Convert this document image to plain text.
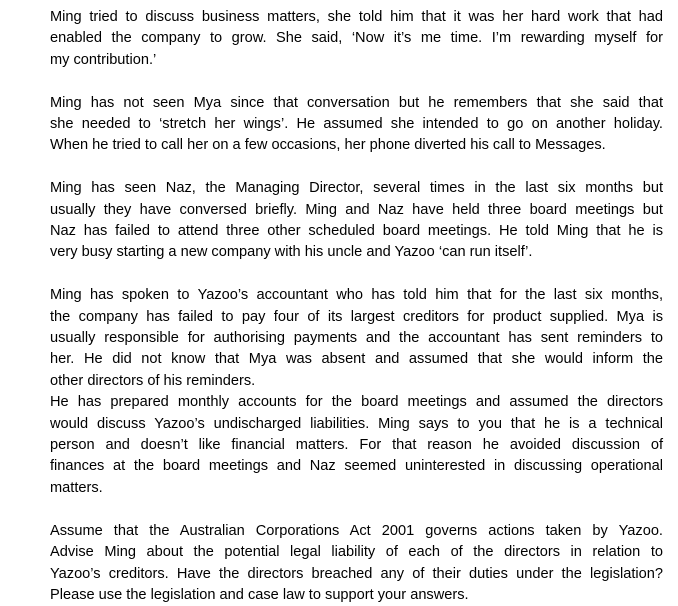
Ming tried to discuss business matters, she told him that it was her hard work that had
enabled the company to grow. She said, ‘Now it’s me time. I’m rewarding myself for
my contribution.’

Ming has not seen Mya since that conversation but he remembers that she said that
she needed to ‘stretch her wings’. He assumed she intended to go on another holiday.
When he tried to call her on a few occasions, her phone diverted his call to Messages.

Ming has seen Naz, the Managing Director, several times in the last six months but
usually they have conversed briefly. Ming and Naz have held three board meetings but
Naz has failed to attend three other scheduled board meetings. He told Ming that he is
very busy starting a new company with his uncle and Yazoo ‘can run itself’.

Ming has spoken to Yazoo’s accountant who has told him that for the last six months,
the company has failed to pay four of its largest creditors for product supplied. Mya is
usually responsible for authorising payments and the accountant has sent reminders to
her. He did not know that Mya was absent and assumed that she would inform the
other directors of his reminders.

He has prepared monthly accounts for the board meetings and assumed the directors
would discuss Yazoo’s undischarged liabilities. Ming says to you that he is a technical
person and doesn’t like financial matters. For that reason he avoided discussion of
finances at the board meetings and Naz seemed uninterested in discussing operational
matters.

Assume that the Australian Corporations Act 2001 governs actions taken by Yazoo.
Advise Ming about the potential legal liability of each of the directors in relation to
Yazoo’s creditors. Have the directors breached any of their duties under the legislation?
Please use the legislation and case law to support your answers.
